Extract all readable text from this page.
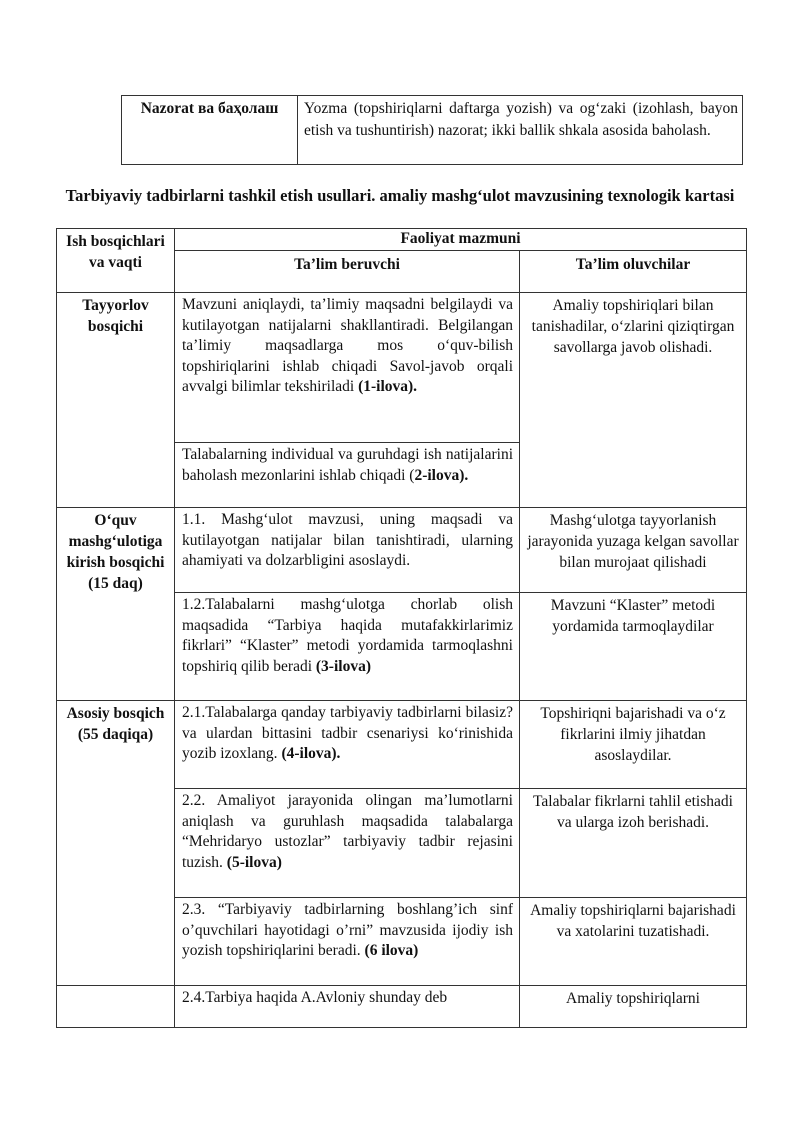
Nazorat ва баҳолаш	Yozma (topshiriqlarni daftarga yozish) va og‘zaki (izohlash, bayon etish va tushuntirish) nazorat; ikki ballik shkala asosida baholash.
Tarbiyaviy tadbirlarni tashkil etish usullari. amaliy mashg‘ulot mavzusining texnologik kartasi
Ish bosqichlari va vaqti	Faoliyat mazmuni	
	Ta’lim beruvchi	Ta’lim oluvchilar
Tayyorlov bosqichi	Mavzuni aniqlaydi, ta’limiy maqsadni belgilaydi va kutilayotgan natijalarni shakllantiradi. Belgilangan ta’limiy maqsadlarga mos o‘quv-bilish topshiriqlarini ishlab chiqadi Savol-javob orqali avvalgi bilimlar tekshiriladi (1-ilova).	Amaliy topshiriqlari bilan tanishadilar, o‘zlarini qiziqtirgan savollarga javob olishadi.
	Talabalarning individual va guruhdagi ish natijalarini baholash mezonlarini ishlab chiqadi (2-ilova).	

O‘quv mashg‘ulotiga kirish bosqichi
(15 daq)	1.1. Mashg‘ulot mavzusi, uning maqsadi va kutilayotgan natijalar bilan tanishtiradi, ularning ahamiyati va dolzarbligini asoslaydi.	Mashg‘ulotga tayyorlanish jarayonida yuzaga kelgan savollar bilan murojaat qilishadi
	1.2.Talabalarni mashg‘ulotga chorlab olish maqsadida “Tarbiya haqida mutafakkirlarimiz fikrlari” “Klaster” metodi yordamida tarmoqlashni topshiriq qilib beradi (3-ilova)	Mavzuni “Klaster” metodi yordamida tarmoqlaydilar
Asosiy bosqich (55 daqiqa)	2.1.Talabalarga qanday tarbiyaviy tadbirlarni bilasiz? va ulardan bittasini tadbir csenariysi ko‘rinishida yozib izoxlang. (4-ilova).	Topshiriqni bajarishadi va o‘z fikrlarini ilmiy jihatdan asoslaydilar.
	2.2. Amaliyot jarayonida olingan ma’lumotlarni aniqlash va guruhlash maqsadida talabalarga “Mehridaryo ustozlar” tarbiyaviy tadbir rejasini tuzish. (5-ilova)	Talabalar fikrlarni tahlil etishadi va ularga izoh berishadi.
	2.3. “Tarbiyaviy tadbirlarning boshlang’ich sinf o’quvchilari hayotidagi o’rni” mavzusida ijodiy ish yozish topshiriqlarini beradi. (6 ilova)	Amaliy topshiriqlarni bajarishadi va xatolarini tuzatishadi.
	2.4.Tarbiya haqida A.Avloniy shunday deb	Amaliy topshiriqlarni
